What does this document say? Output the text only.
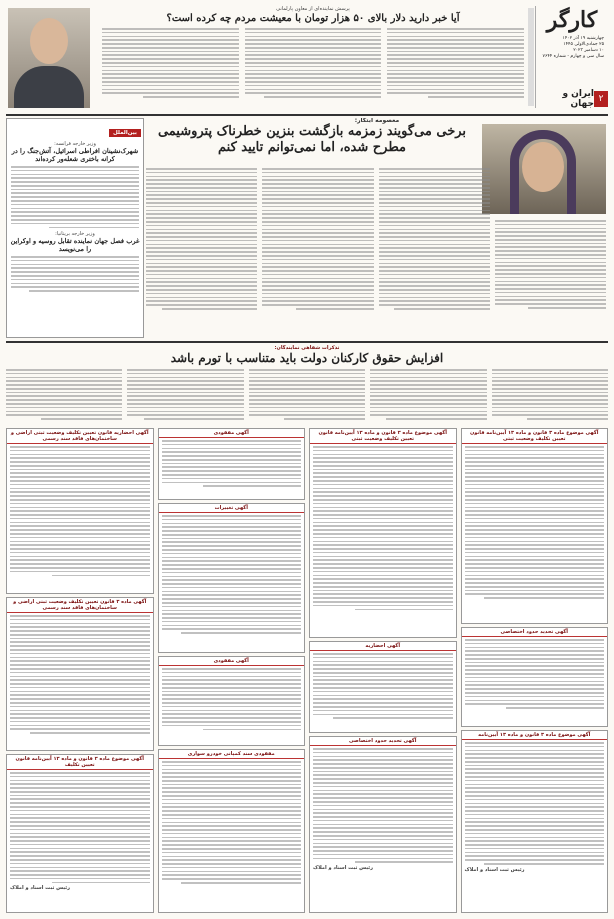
کارگر
چهارشنبه ۱۹ آذر ۱۴۰۲
۲۵ جمادی‌الاولی ۱۴۴۵
۱۰ دسامبر ۲۰۲۳
سال سی و چهارم - شماره ۷۶۴۴
ایران و جهان ۲
پرسش نماینده‌ای از معاون پارلمانی
آیا خبر دارید دلار بالای ۵۰ هزار تومان با معیشت مردم چه کرده است؟
معصومه ابتکار:
برخی می‌گویند زمزمه بازگشت بنزین خطرناک پتروشیمی
مطرح شده، اما نمی‌توانم تایید کنم
بین‌الملل
وزیر خارجه فرانسه:
شهرک‌نشینان افراطی اسرائیل، آتش‌جنگ را در کرانه باختری شعله‌ور کرده‌اند
وزیر خارجه بریتانیا:
غرب فصل جهان نماینده تقابل روسیه و اوکراین را می‌نویسد
تذکرات شفاهی نمایندگان:
افزایش حقوق کارکنان دولت باید متناسب با تورم باشد
آگهی احضاریه قانون تعیین تکلیف وضعیت ثبتی اراضی و ساختمان‌های فاقد سند رسمی
آگهی ماده ۳ قانون تعیین تکلیف وضعیت ثبتی اراضی و ساختمان‌های فاقد سند رسمی
آگهی موضوع ماده ۳ قانون و ماده ۱۳ آیین‌نامه قانون تعیین تکلیف
رئیس ثبت اسناد و املاک
آگهی مفقودی
آگهی تغییرات
آگهی مفقودی
مفقودی سند کمپانی خودرو سواری
آگهی موضوع ماده ۳ قانون و ماده ۱۳ آیین‌نامه قانون تعیین تکلیف وضعیت ثبتی
آگهی احضاریه
آگهی تحدید حدود اختصاصی
رئیس ثبت اسناد و املاک
آگهی موضوع ماده ۳ قانون و ماده ۱۳ آیین‌نامه قانون تعیین تکلیف وضعیت ثبتی
آگهی تحدید حدود اختصاصی
آگهی موضوع ماده ۳ قانون و ماده ۱۳ آیین‌نامه
رئیس ثبت اسناد و املاک
